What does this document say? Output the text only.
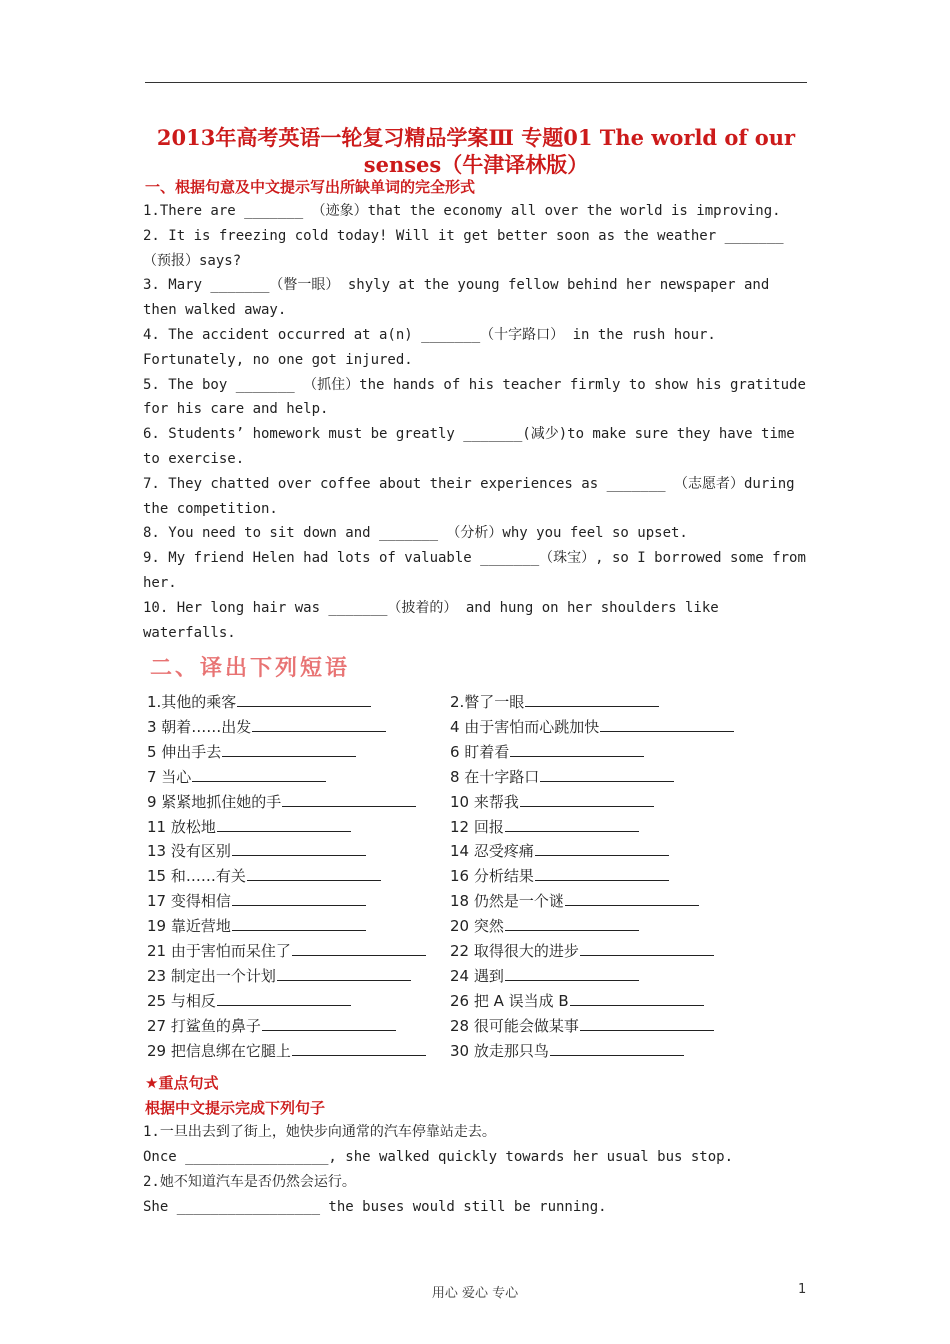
2013年高考英语一轮复习精品学案Ⅲ 专题01 The world of our senses（牛津译林版）

一、根据句意及中文提示写出所缺单词的完全形式

1.There are _______ （迹象）that the economy all over the world is improving.

2. It is freezing cold today! Will it get better soon as the weather _______ （预报）says?

3. Mary _______（瞥一眼） shyly at the young fellow behind her newspaper and then walked away.

4. The accident occurred at a(n) _______（十字路口） in the rush hour. Fortunately, no one got injured.

5. The boy _______ （抓住）the hands of his teacher firmly to show his gratitude for his care and help.

6. Students’ homework must be greatly _______(减少)to make sure they have time to exercise.

7. They chatted over coffee about their experiences as _______ （志愿者）during the competition.

8. You need to sit down and _______ （分析）why you feel so upset.

9. My friend Helen had lots of valuable _______（珠宝）, so I borrowed some from her.

10. Her long hair was _______（披着的） and hung on her shoulders like waterfalls.

二、译出下列短语

1.其他的乘客	2.瞥了一眼
3 朝着……出发	4 由于害怕而心跳加快
5 伸出手去	6 盯着看
7 当心	8 在十字路口
9 紧紧地抓住她的手	10 来帮我
11 放松地	12 回报
13 没有区别	14 忍受疼痛
15 和……有关	16 分析结果
17 变得相信	18 仍然是一个谜
19 靠近营地	20 突然
21 由于害怕而呆住了	22 取得很大的进步
23 制定出一个计划	24 遇到
25 与相反	26 把 A 误当成 B
27 打鲨鱼的鼻子	28 很可能会做某事
29 把信息绑在它腿上	30 放走那只鸟

★重点句式

根据中文提示完成下列句子

1.一旦出去到了街上，她快步向通常的汽车停靠站走去。

Once _________________, she walked quickly towards her usual bus stop.

2.她不知道汽车是否仍然会运行。

She _________________ the buses would still be running.

用心 爱心 专心	1
